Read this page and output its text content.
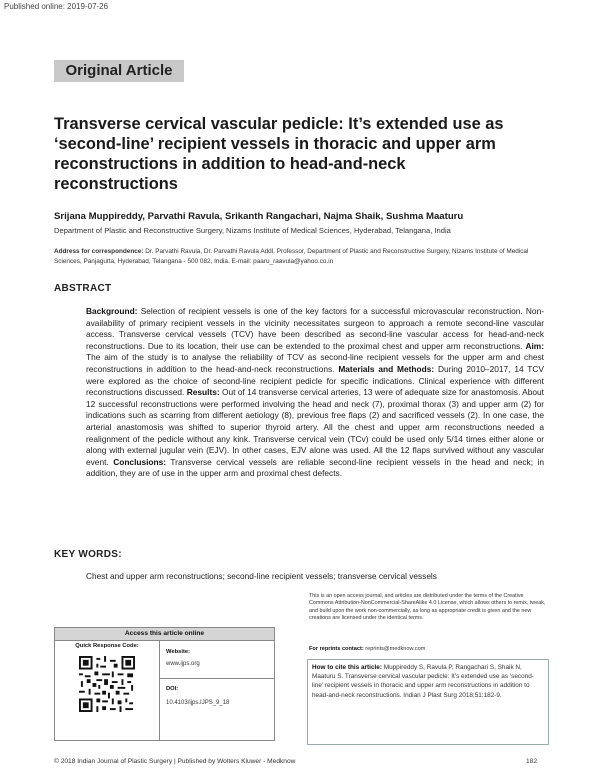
Published online: 2019-07-26
Original Article
Transverse cervical vascular pedicle: It’s extended use as ‘second-line’ recipient vessels in thoracic and upper arm reconstructions in addition to head-and-neck reconstructions
Srijana Muppireddy, Parvathi Ravula, Srikanth Rangachari, Najma Shaik, Sushma Maaturu
Department of Plastic and Reconstructive Surgery, Nizams Institute of Medical Sciences, Hyderabad, Telangana, India
Address for correspondence: Dr. Parvathi Ravula, Dr. Parvathi Ravula Addl. Professor, Department of Plastic and Reconstructive Surgery, Nizams Institute of Medical Sciences, Panjagutta, Hyderabad, Telangana - 500 082, India. E-mail: paaru_raavula@yahoo.co.in
ABSTRACT
Background: Selection of recipient vessels is one of the key factors for a successful microvascular reconstruction. Non-availability of primary recipient vessels in the vicinity necessitates surgeon to approach a remote second-line vascular access. Transverse cervical vessels (TCV) have been described as second-line vascular access for head-and-neck reconstructions. Due to its location, their use can be extended to the proximal chest and upper arm reconstructions. Aim: The aim of the study is to analyse the reliability of TCV as second-line recipient vessels for the upper arm and chest reconstructions in addition to the head-and-neck reconstructions. Materials and Methods: During 2010–2017, 14 TCV were explored as the choice of second-line recipient pedicle for specific indications. Clinical experience with different reconstructions discussed. Results: Out of 14 transverse cervical arteries, 13 were of adequate size for anastomosis. About 12 successful reconstructions were performed involving the head and neck (7), proximal thorax (3) and upper arm (2) for indications such as scarring from different aetiology (8), previous free flaps (2) and sacrificed vessels (2). In one case, the arterial anastomosis was shifted to superior thyroid artery. All the chest and upper arm reconstructions needed a realignment of the pedicle without any kink. Transverse cervical vein (TCv) could be used only 5/14 times either alone or along with external jugular vein (EJV). In other cases, EJV alone was used. All the 12 flaps survived without any vascular event. Conclusions: Transverse cervical vessels are reliable second-line recipient vessels in the head and neck; in addition, they are of use in the upper arm and proximal chest defects.
KEY WORDS:
Chest and upper arm reconstructions; second-line recipient vessels; transverse cervical vessels
This is an open access journal, and articles are distributed under the terms of the Creative Commons Attribution-NonCommercial-ShareAlike 4.0 License, which allows others to remix, tweak, and build upon the work non-commercially, as long as appropriate credit is given and the new creations are licensed under the identical terms.
For reprints contact: reprints@medknow.com
Access this article online
Quick Response Code:
Website:
www.ijps.org
DOI:
10.4103/ijps.IJPS_9_18
How to cite this article: Muppireddy S, Ravula P, Rangachari S, Shaik N, Maaturu S. Transverse cervical vascular pedicle: It’s extended use as ‘second-line’ recipient vessels in thoracic and upper arm reconstructions in addition to head-and-neck reconstructions. Indian J Plast Surg 2018;51:182-9.
© 2018 Indian Journal of Plastic Surgery | Published by Wolters Kluwer - Medknow	182
